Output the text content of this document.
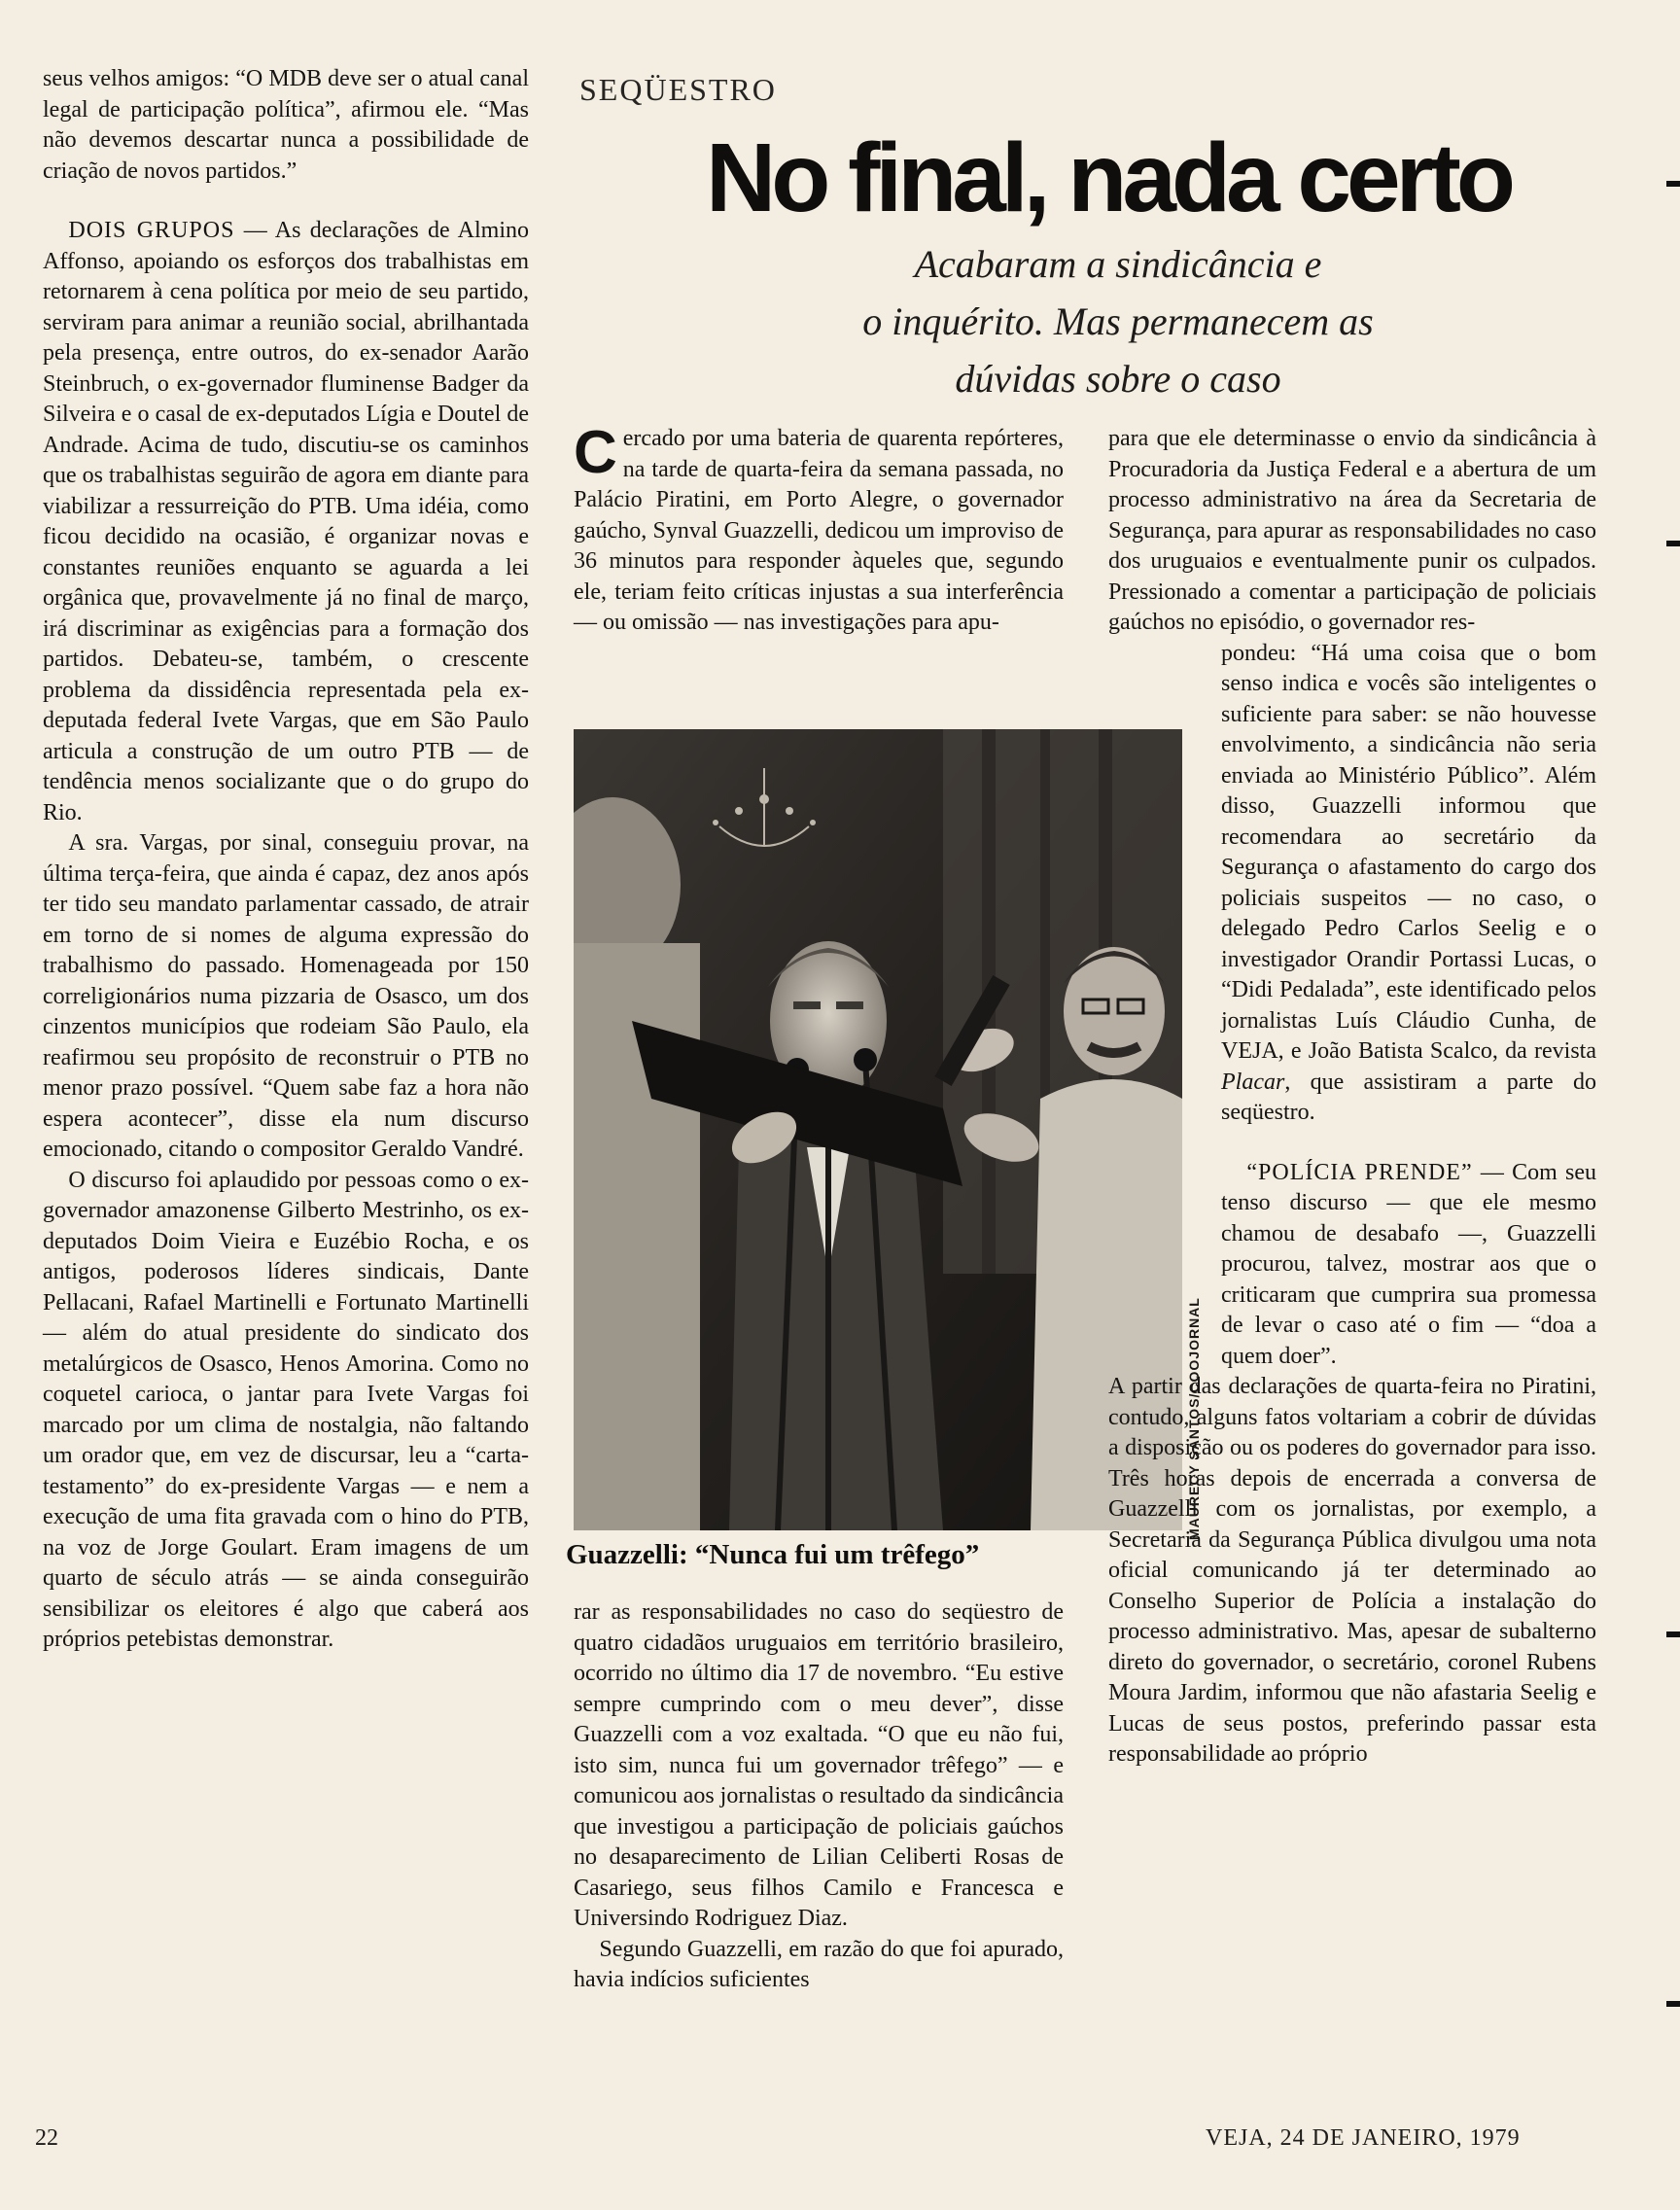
seus velhos amigos: “O MDB deve ser o atual canal legal de participação política”, afirmou ele. “Mas não devemos descartar nunca a possibilidade de criação de novos partidos.”

DOIS GRUPOS — As declarações de Almino Affonso, apoiando os esforços dos trabalhistas em retornarem à cena política por meio de seu partido, serviram para animar a reunião social, abrilhantada pela presença, entre outros, do ex-senador Aarão Steinbruch, o ex-governador fluminense Badger da Silveira e o casal de ex-deputados Lígia e Doutel de Andrade. Acima de tudo, discutiu-se os caminhos que os trabalhistas seguirão de agora em diante para viabilizar a ressurreição do PTB. Uma idéia, como ficou decidido na ocasião, é organizar novas e constantes reuniões enquanto se aguarda a lei orgânica que, provavelmente já no final de março, irá discriminar as exigências para a formação dos partidos. Debateu-se, também, o crescente problema da dissidência representada pela ex-deputada federal Ivete Vargas, que em São Paulo articula a construção de um outro PTB — de tendência menos socializante que o do grupo do Rio.

A sra. Vargas, por sinal, conseguiu provar, na última terça-feira, que ainda é capaz, dez anos após ter tido seu mandato parlamentar cassado, de atrair em torno de si nomes de alguma expressão do trabalhismo do passado. Homenageada por 150 correligionários numa pizzaria de Osasco, um dos cinzentos municípios que rodeiam São Paulo, ela reafirmou seu propósito de reconstruir o PTB no menor prazo possível. “Quem sabe faz a hora não espera acontecer”, disse ela num discurso emocionado, citando o compositor Geraldo Vandré.

O discurso foi aplaudido por pessoas como o ex-governador amazonense Gilberto Mestrinho, os ex-deputados Doim Vieira e Euzébio Rocha, e os antigos, poderosos líderes sindicais, Dante Pellacani, Rafael Martinelli e Fortunato Martinelli — além do atual presidente do sindicato dos metalúrgicos de Osasco, Henos Amorina. Como no coquetel carioca, o jantar para Ivete Vargas foi marcado por um clima de nostalgia, não faltando um orador que, em vez de discursar, leu a “carta-testamento” do ex-presidente Vargas — e nem a execução de uma fita gravada com o hino do PTB, na voz de Jorge Goulart. Eram imagens de um quarto de século atrás — se ainda conseguirão sensibilizar os eleitores é algo que caberá aos próprios petebistas demonstrar.

SEQÜESTRO
No final, nada certo
Acabaram a sindicância e
o inquérito. Mas permanecem as
dúvidas sobre o caso

Cercado por uma bateria de quarenta repórteres, na tarde de quarta-feira da semana passada, no Palácio Piratini, em Porto Alegre, o governador gaúcho, Synval Guazzelli, dedicou um improviso de 36 minutos para responder àqueles que, segundo ele, teriam feito críticas injustas a sua interferência — ou omissão — nas investigações para apu-

MAURECY SANTOS/COOJORNAL
Guazzelli: “Nunca fui um trêfego”

rar as responsabilidades no caso do seqüestro de quatro cidadãos uruguaios em território brasileiro, ocorrido no último dia 17 de novembro. “Eu estive sempre cumprindo com o meu dever”, disse Guazzelli com a voz exaltada. “O que eu não fui, isto sim, nunca fui um governador trêfego” — e comunicou aos jornalistas o resultado da sindicância que investigou a participação de policiais gaúchos no desaparecimento de Lilian Celiberti Rosas de Casariego, seus filhos Camilo e Francesca e Universindo Rodriguez Diaz.

Segundo Guazzelli, em razão do que foi apurado, havia indícios suficientes

para que ele determinasse o envio da sindicância à Procuradoria da Justiça Federal e a abertura de um processo administrativo na área da Secretaria de Segurança, para apurar as responsabilidades no caso dos uruguaios e eventualmente punir os culpados. Pressionado a comentar a participação de policiais gaúchos no episódio, o governador res-

pondeu: “Há uma coisa que o bom senso indica e vocês são inteligentes o suficiente para saber: se não houvesse envolvimento, a sindicância não seria enviada ao Ministério Público”. Além disso, Guazzelli informou que recomendara ao secretário da Segurança o afastamento do cargo dos policiais suspeitos — no caso, o delegado Pedro Carlos Seelig e o investigador Orandir Portassi Lucas, o “Didi Pedalada”, este identificado pelos jornalistas Luís Cláudio Cunha, de VEJA, e João Batista Scalco, da revista Placar, que assistiram a parte do seqüestro.

“POLÍCIA PRENDE” — Com seu tenso discurso — que ele mesmo chamou de desabafo —, Guazzelli procurou, talvez, mostrar aos que o criticaram que cumprira sua promessa de levar o caso até o fim — “doa a quem doer”.

A partir das declarações de quarta-feira no Piratini, contudo, alguns fatos voltariam a cobrir de dúvidas a disposição ou os poderes do governador para isso. Três horas depois de encerrada a conversa de Guazzelli com os jornalistas, por exemplo, a Secretaria da Segurança Pública divulgou uma nota oficial comunicando já ter determinado ao Conselho Superior de Polícia a instalação do processo administrativo. Mas, apesar de subalterno direto do governador, o secretário, coronel Rubens Moura Jardim, informou que não afastaria Seelig e Lucas de seus postos, preferindo passar esta responsabilidade ao próprio

22	VEJA, 24 DE JANEIRO, 1979
